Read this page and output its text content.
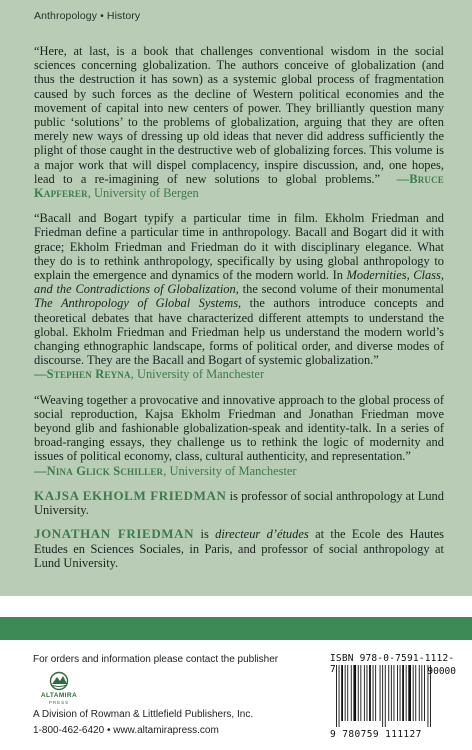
Anthropology • History

“Here, at last, is a book that challenges conventional wisdom in the social sciences concerning globalization. The authors conceive of globalization (and thus the destruction it has sown) as a systemic global process of fragmentation caused by such forces as the decline of Western political economies and the movement of capital into new centers of power. They brilliantly question many public ‘solutions’ to the problems of globalization, arguing that they are often merely new ways of dressing up old ideas that never did address sufficiently the plight of those caught in the destructive web of globalizing forces. This volume is a major work that will dispel complacency, inspire discussion, and, one hopes, lead to a re-imagining of new solutions to global problems.” —Bruce Kapferer, University of Bergen

“Bacall and Bogart typify a particular time in film. Ekholm Friedman and Friedman define a particular time in anthropology. Bacall and Bogart did it with grace; Ekholm Friedman and Friedman do it with disciplinary elegance. What they do is to rethink anthropology, specifically by using global anthropology to explain the emergence and dynamics of the modern world. In Modernities, Class, and the Contradictions of Globalization, the second volume of their monumental The Anthropology of Global Systems, the authors introduce concepts and theoretical debates that have characterized different attempts to understand the global. Ekholm Friedman and Friedman help us understand the modern world’s changing ethnographic landscape, forms of political order, and diverse modes of discourse. They are the Bacall and Bogart of systemic globalization.”

—Stephen Reyna, University of Manchester

“Weaving together a provocative and innovative approach to the global process of social reproduction, Kajsa Ekholm Friedman and Jonathan Friedman move beyond glib and fashionable globalization-speak and identity-talk. In a series of broad-ranging essays, they challenge us to rethink the logic of modernity and issues of political economy, class, cultural authenticity, and representation.”

—Nina Glick Schiller, University of Manchester

KAJSA EKHOLM FRIEDMAN is professor of social anthropology at Lund University.

JONATHAN FRIEDMAN is directeur d’études at the Ecole des Hautes Etudes en Sciences Sociales, in Paris, and professor of social anthropology at Lund University.

For orders and information please contact the publisher
ALTAMIRA
PRESS
A Division of Rowman & Littlefield Publishers, Inc.
1-800-462-6420 • www.altamirapress.com
ISBN 978-0-7591-1112-7	90000
9 780759 111127
